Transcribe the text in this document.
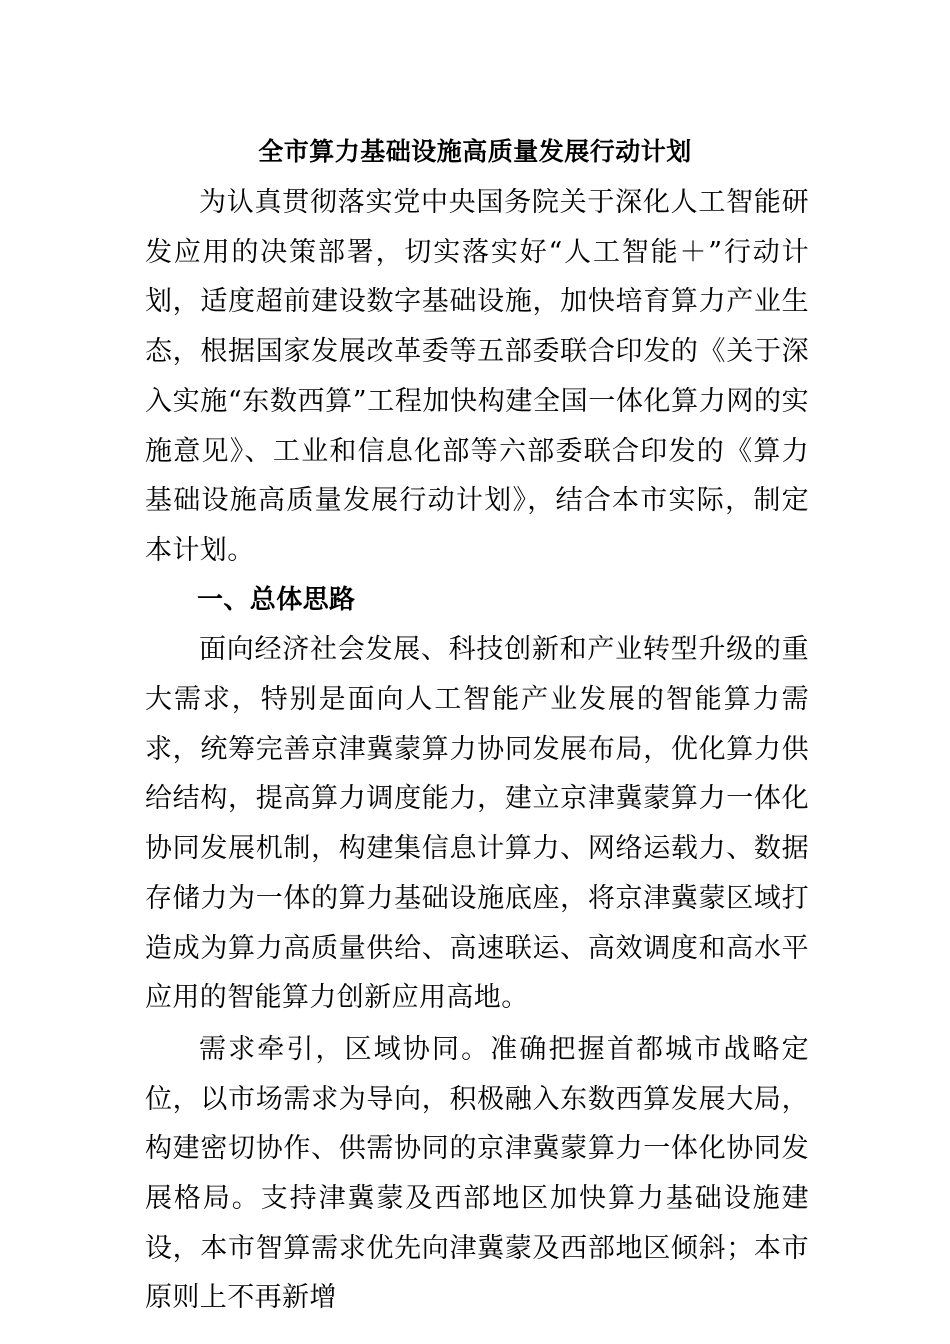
全市算力基础设施高质量发展行动计划

为认真贯彻落实党中央国务院关于深化人工智能研发应用的决策部署，切实落实好“人工智能＋”行动计划，适度超前建设数字基础设施，加快培育算力产业生态，根据国家发展改革委等五部委联合印发的《关于深入实施“东数西算”工程加快构建全国一体化算力网的实施意见》、工业和信息化部等六部委联合印发的《算力基础设施高质量发展行动计划》，结合本市实际，制定本计划。

一、总体思路

面向经济社会发展、科技创新和产业转型升级的重大需求，特别是面向人工智能产业发展的智能算力需求，统筹完善京津冀蒙算力协同发展布局，优化算力供给结构，提高算力调度能力，建立京津冀蒙算力一体化协同发展机制，构建集信息计算力、网络运载力、数据存储力为一体的算力基础设施底座，将京津冀蒙区域打造成为算力高质量供给、高速联运、高效调度和高水平应用的智能算力创新应用高地。

需求牵引，区域协同。准确把握首都城市战略定位，以市场需求为导向，积极融入东数西算发展大局，构建密切协作、供需协同的京津冀蒙算力一体化协同发展格局。支持津冀蒙及西部地区加快算力基础设施建设，本市智算需求优先向津冀蒙及西部地区倾斜；本市原则上不再新增
